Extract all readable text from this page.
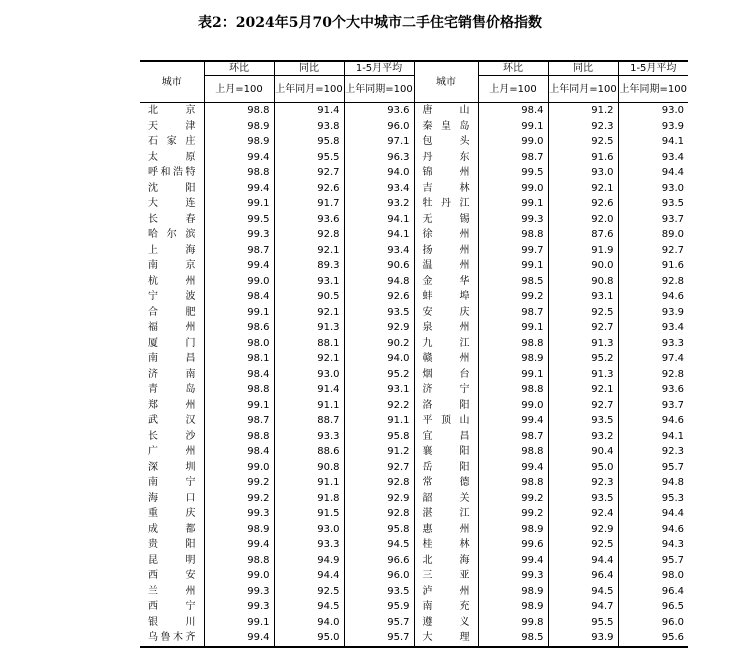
表2：2024年5月70个大中城市二手住宅销售价格指数
城市	环比	同比	1-5月平均	城市	环比	同比	1-5月平均
	上月=100	上年同月=100	上年同期=100		上月=100	上年同月=100	上年同期=100
北京	98.8	91.4	93.6	唐山	98.4	91.2	93.0
天津	98.9	93.8	96.0	秦皇岛	99.1	92.3	93.9
石家庄	98.9	95.8	97.1	包头	99.0	92.5	94.1
太原	99.4	95.5	96.3	丹东	98.7	91.6	93.4
呼和浩特	98.8	92.7	94.0	锦州	99.5	93.0	94.4
沈阳	99.4	92.6	93.4	吉林	99.0	92.1	93.0
大连	99.1	91.7	93.2	牡丹江	99.1	92.6	93.5
长春	99.5	93.6	94.1	无锡	99.3	92.0	93.7
哈尔滨	99.3	92.8	94.1	徐州	98.8	87.6	89.0
上海	98.7	92.1	93.4	扬州	99.7	91.9	92.7
南京	99.4	89.3	90.6	温州	99.1	90.0	91.6
杭州	99.0	93.1	94.8	金华	98.5	90.8	92.8
宁波	98.4	90.5	92.6	蚌埠	99.2	93.1	94.6
合肥	99.1	92.1	93.5	安庆	98.7	92.5	93.9
福州	98.6	91.3	92.9	泉州	99.1	92.7	93.4
厦门	98.0	88.1	90.2	九江	98.8	91.3	93.3
南昌	98.1	92.1	94.0	赣州	98.9	95.2	97.4
济南	98.4	93.0	95.2	烟台	99.1	91.3	92.8
青岛	98.8	91.4	93.1	济宁	98.8	92.1	93.6
郑州	99.1	91.1	92.2	洛阳	99.0	92.7	93.7
武汉	98.7	88.7	91.1	平顶山	99.4	93.5	94.6
长沙	98.8	93.3	95.8	宜昌	98.7	93.2	94.1
广州	98.4	88.6	91.2	襄阳	98.8	90.4	92.3
深圳	99.0	90.8	92.7	岳阳	99.4	95.0	95.7
南宁	99.2	91.1	92.8	常德	98.8	92.3	94.8
海口	99.2	91.8	92.9	韶关	99.2	93.5	95.3
重庆	99.3	91.5	92.8	湛江	99.2	92.4	94.4
成都	98.9	93.0	95.8	惠州	98.9	92.9	94.6
贵阳	99.4	93.3	94.5	桂林	99.6	92.5	94.3
昆明	98.8	94.9	96.6	北海	99.4	94.4	95.7
西安	99.0	94.4	96.0	三亚	99.3	96.4	98.0
兰州	99.3	92.5	93.5	泸州	98.9	94.5	96.4
西宁	99.3	94.5	95.9	南充	98.9	94.7	96.5
银川	99.1	94.0	95.7	遵义	99.8	95.5	96.0
乌鲁木齐	99.4	95.0	95.7	大理	98.5	93.9	95.6
